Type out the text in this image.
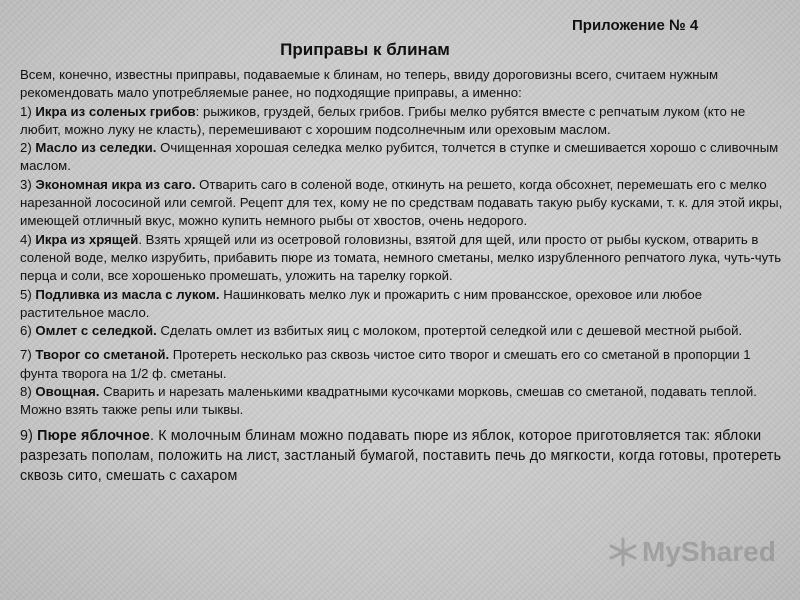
Приложение № 4
Приправы к блинам
Всем, конечно, известны приправы, подаваемые к блинам, но теперь, ввиду дороговизны всего, считаем нужным рекомендовать мало употребляемые ранее, но подходящие приправы, а именно:
1) Икра из соленых грибов: рыжиков, груздей, белых грибов. Грибы мелко рубятся вместе с репчатым луком (кто не любит, можно луку не класть), перемешивают с хорошим подсолнечным или ореховым маслом.
2) Масло из селедки. Очищенная хорошая селедка мелко рубится, толчется в ступке и смешивается хорошо с сливочным маслом.
3) Экономная икра из саго. Отварить саго в соленой воде, откинуть на решето, когда обсохнет, перемешать его с мелко нарезанной лососиной или семгой. Рецепт для тех, кому не по средствам подавать такую рыбу кусками, т. к. для этой икры, имеющей отличный вкус, можно купить немного рыбы от хвостов, очень недорого.
4) Икра из хрящей. Взять хрящей или из осетровой головизны, взятой для щей, или просто от рыбы куском, отварить в соленой воде, мелко изрубить, прибавить пюре из томата, немного сметаны, мелко изрубленного репчатого лука, чуть-чуть перца и соли, все хорошенько промешать, уложить на тарелку горкой.
5) Подливка из масла с луком. Нашинковать мелко лук и прожарить с ним провансское, ореховое или любое растительное масло.
6) Омлет с селедкой. Сделать омлет из взбитых яиц с молоком, протертой селедкой или с дешевой местной рыбой.
7) Творог со сметаной. Протереть несколько раз сквозь чистое сито творог и смешать его со сметаной в пропорции 1 фунта творога на 1/2 ф. сметаны.
8) Овощная. Сварить и нарезать маленькими квадратными кусочками морковь, смешав со сметаной, подавать теплой. Можно взять также репы или тыквы.
9) Пюре яблочное. К молочным блинам можно подавать пюре из яблок, которое приготовляется так: яблоки разрезать пополам, положить на лист, застланый бумагой, поставить печь до мягкости, когда готовы, протереть сквозь сито, смешать с сахаром
MyShared
